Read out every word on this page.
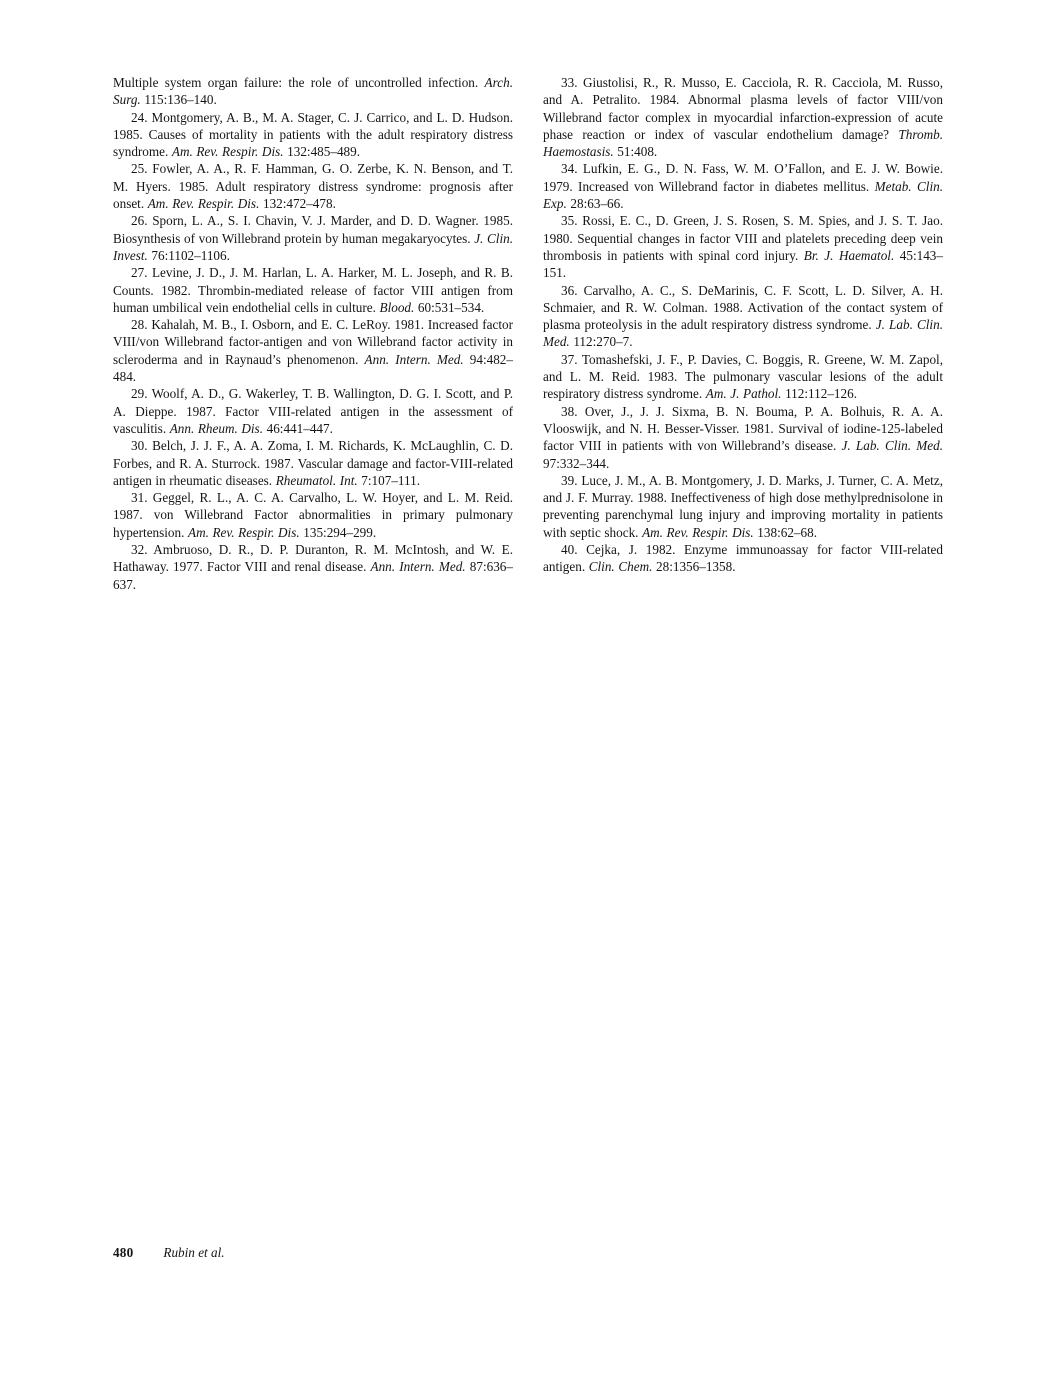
Multiple system organ failure: the role of uncontrolled infection. Arch. Surg. 115:136–140.

24. Montgomery, A. B., M. A. Stager, C. J. Carrico, and L. D. Hudson. 1985. Causes of mortality in patients with the adult respiratory distress syndrome. Am. Rev. Respir. Dis. 132:485–489.

25. Fowler, A. A., R. F. Hamman, G. O. Zerbe, K. N. Benson, and T. M. Hyers. 1985. Adult respiratory distress syndrome: prognosis after onset. Am. Rev. Respir. Dis. 132:472–478.

26. Sporn, L. A., S. I. Chavin, V. J. Marder, and D. D. Wagner. 1985. Biosynthesis of von Willebrand protein by human megakaryocytes. J. Clin. Invest. 76:1102–1106.

27. Levine, J. D., J. M. Harlan, L. A. Harker, M. L. Joseph, and R. B. Counts. 1982. Thrombin-mediated release of factor VIII antigen from human umbilical vein endothelial cells in culture. Blood. 60:531–534.

28. Kahalah, M. B., I. Osborn, and E. C. LeRoy. 1981. Increased factor VIII/von Willebrand factor-antigen and von Willebrand factor activity in scleroderma and in Raynaud’s phenomenon. Ann. Intern. Med. 94:482–484.

29. Woolf, A. D., G. Wakerley, T. B. Wallington, D. G. I. Scott, and P. A. Dieppe. 1987. Factor VIII-related antigen in the assessment of vasculitis. Ann. Rheum. Dis. 46:441–447.

30. Belch, J. J. F., A. A. Zoma, I. M. Richards, K. McLaughlin, C. D. Forbes, and R. A. Sturrock. 1987. Vascular damage and factor-VIII-related antigen in rheumatic diseases. Rheumatol. Int. 7:107–111.

31. Geggel, R. L., A. C. A. Carvalho, L. W. Hoyer, and L. M. Reid. 1987. von Willebrand Factor abnormalities in primary pulmonary hypertension. Am. Rev. Respir. Dis. 135:294–299.

32. Ambruoso, D. R., D. P. Duranton, R. M. McIntosh, and W. E. Hathaway. 1977. Factor VIII and renal disease. Ann. Intern. Med. 87:636–637.

33. Giustolisi, R., R. Musso, E. Cacciola, R. R. Cacciola, M. Russo, and A. Petralito. 1984. Abnormal plasma levels of factor VIII/von Willebrand factor complex in myocardial infarction-expression of acute phase reaction or index of vascular endothelium damage? Thromb. Haemostasis. 51:408.

34. Lufkin, E. G., D. N. Fass, W. M. O’Fallon, and E. J. W. Bowie. 1979. Increased von Willebrand factor in diabetes mellitus. Metab. Clin. Exp. 28:63–66.

35. Rossi, E. C., D. Green, J. S. Rosen, S. M. Spies, and J. S. T. Jao. 1980. Sequential changes in factor VIII and platelets preceding deep vein thrombosis in patients with spinal cord injury. Br. J. Haematol. 45:143–151.

36. Carvalho, A. C., S. DeMarinis, C. F. Scott, L. D. Silver, A. H. Schmaier, and R. W. Colman. 1988. Activation of the contact system of plasma proteolysis in the adult respiratory distress syndrome. J. Lab. Clin. Med. 112:270–7.

37. Tomashefski, J. F., P. Davies, C. Boggis, R. Greene, W. M. Zapol, and L. M. Reid. 1983. The pulmonary vascular lesions of the adult respiratory distress syndrome. Am. J. Pathol. 112:112–126.

38. Over, J., J. J. Sixma, B. N. Bouma, P. A. Bolhuis, R. A. A. Vlooswijk, and N. H. Besser-Visser. 1981. Survival of iodine-125-labeled factor VIII in patients with von Willebrand’s disease. J. Lab. Clin. Med. 97:332–344.

39. Luce, J. M., A. B. Montgomery, J. D. Marks, J. Turner, C. A. Metz, and J. F. Murray. 1988. Ineffectiveness of high dose methylprednisolone in preventing parenchymal lung injury and improving mortality in patients with septic shock. Am. Rev. Respir. Dis. 138:62–68.

40. Cejka, J. 1982. Enzyme immunoassay for factor VIII-related antigen. Clin. Chem. 28:1356–1358.

480 Rubin et al.
